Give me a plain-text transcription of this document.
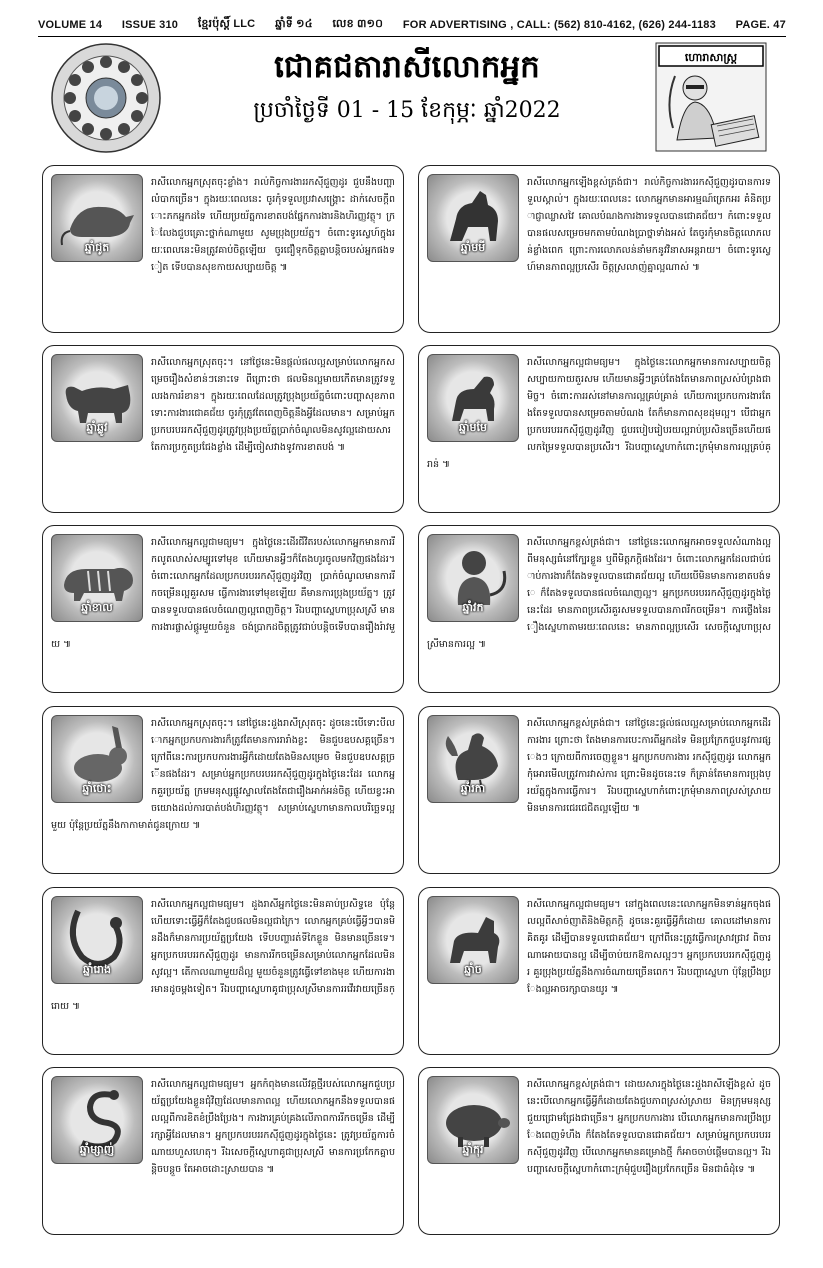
VOLUME 14 ISSUE 310 ខ្មែរប៉ុស្ដិ៍ LLC ឆ្នាំទី ១៤ លេខ ៣១០ FOR ADVERTISING , CALL: (562) 810-4162, (626) 244-1183 PAGE. 47
ជោគជតារាសីលោកអ្នក
ប្រចាំថ្ងៃទី 01 - 15 ខែកុម្ភៈ ឆ្នាំ2022
ហោរាសាស្ត្រ
រាសីលោកអ្នកស្រុតចុះខ្លាំង។ រាល់កិច្ចការងាររកស៊ីជួញដូរ ជួបនឹងបញ្ហាលំបាកច្រើន។ ក្នុងរយៈពេលនេះ ចូរកុំទទួលប្រវាសង្គ្រោះ ដាក់សេចក្ដីពោះភកអ្នកដទៃ ហើយប្រយ័ត្នការខាតបង់ផ្នែកការងារនិងហិរញ្ញវត្ថុ។ ក្រៃលែងជួបគ្រោះថ្នាក់ណាមួយ សូមប្រុងប្រយ័ត្ន។ ចំពោះទូរស្វេហ៍ក្នុងរយៈពេលនេះមិនត្រូវគាប់ចិត្តឡើយ ចូរជឿទុកចិត្តគ្នាបន្តិចរបស់អ្នកផងទៀត ទើបបានសុខកាយសប្បាយចិត្ត ៕
ឆ្នាំជូត
រាសីលោកអ្នកឡើងខ្ពស់ត្រង់ជា។ រាល់កិច្ចការងាររកស៊ីជួញដូរបានការទទួលស្គាល់។ ក្នុងរយៈពេលនេះ លោកអ្នកមានអារម្មណ៍ត្រេកអរ គំនិតប្រាជ្ញាឈ្លាសវៃ គោលបំណងការងារទទួលបានជោគជ័យ។ កំពោះទទួលបានផលសម្រេចមកតាមបំណងប្រាថ្នាទាំងអស់ តែចូរកុំមានចិត្តលោភលន់ខ្លាំងពេក ព្រោះការលោភលន់នាំមកនូវវិនាសអន្តរាយ។ ចំពោះទូរស្វេហ៍មានភាពល្អប្រសើរ ចិត្តស្រលាញ់គ្នាល្អណាស់ ៕
ឆ្នាំមមី
រាសីលោកអ្នកស្រុតចុះ។ នៅថ្ងៃនេះមិនផ្ដល់ផលល្អសម្រាប់លោកអ្នកសម្រេចរឿងសំខាន់ៗនោះទេ ពីព្រោះថា ផលមិនល្អមាយកើតមានត្រូវទទួលរងការរំខាន។ ក្នុងរយៈពេលដែលត្រូវប្រុងប្រយ័ត្នចំពោះបញ្ហាសុខភាព ទោះការងារជោគជ័យ ចូរកុំត្រូវតែពេញចិត្តនឹងអ្វីដែលមាន។ សម្រាប់អ្នកប្រកបរបររកស៊ីជួញដូរត្រូវប្រុងប្រយ័ត្នប្រាក់ចំណូលមិនសូវល្អដោយសារតែការប្រកួតប្រជែងខ្លាំង ដើម្បីចៀសវាងទូវការខាតបង់ ៕
ឆ្នាំឆ្លូវ
រាសីលោកអ្នកល្អជាមធ្យម។ ក្នុងថ្ងៃនេះលោកអ្នកមានការសប្បាយចិត្ត សប្បាយកាយតួរសម ហើយមានអ្វីៗគ្រប់តែងតែមានភាពស្រស់បំព្រងជាមិច្ច។ ចំពោះការរស់នៅមានការល្អគ្រប់គ្រាន់ ហើយការប្រកបការងារតែងតែទទួលបានសម្រេចតាមបំណង តែក៏មានភាពសុខដុមល្អ។ បើជាអ្នកប្រកបរបររកស៊ីជួញដូរវិញ ជួបរបៀបរៀបរយល្អរាប់ប្រសិនច្រើនហើយផលកម្រៃទទួលបានប្រសើរ។ រីឯបញ្ហាស្នេហាកំពោះក្រមុំមានការល្អគ្រប់គ្រាន់ ៕
ឆ្នាំមមែ
រាសីលោកអ្នកល្អជាមធ្យម។ ក្នុងថ្ងៃនេះដើរជីវិតរបស់លោកអ្នកមានការរីកលូតលាស់សម្បូរទៅមុខ ហើយមានអ្វីៗក៏តែងហូរចូលមកវិញផងដែរ។ ចំពោះលោកអ្នកដែលប្រកបរបររកស៊ីជួញដូរវិញ ប្រាក់ចំណូលមានការរីកចម្រើនល្អគួរសម ធ្វើការងារទៅមុខឡើយ គឺមានការប្រុងប្រយ័ត្ន។ ត្រូវបានទទួលបានផលចំណេញល្អពេញចិត្ត។ រីឯបញ្ហាស្នេហាប្រុសស្រី មានការងារផ្លាស់ផ្ដូរមួយចំនួន ចង់ប្រាកដចិត្តត្រូវជាប់បន្តិចទើបបានរឿងរ៉ាវមួយ ៕
ឆ្នាំខាល
រាសីលោកអ្នកខ្ពស់ត្រង់ជា។ នៅថ្ងៃនេះលោកអ្នកអាចទទួលសំណាងល្អពីមនុស្សធំនៅក្បែរខ្លួន ឬពីមិត្តភក្តិផងដែរ។ ចំពោះលោកអ្នកដែលជាប់ជាប់ការងារក៏តែងទទួលបានជោគជ័យល្អ ហើយបើមិនមានការខាតបង់ទេ ក៏តែងទទួលបានផលចំណេញល្អ។ អ្នកប្រកបរបររកស៊ីជួញដូរក្នុងថ្ងៃនេះដែរ មានភាពប្រសើរគួរសមទទួលបានភាពរីកចម្រើន។ ការថ្លើងនៃរឿងស្នេហាតាមរយៈពេលនេះ មានភាពល្អប្រសើរ សេចក្ដីស្នេហាប្រុសស្រីមានការល្អ ៕
ឆ្នាំវក
រាសីលោកអ្នកស្រុតចុះ។ នៅថ្ងៃនេះដួងរាសីស្រុតចុះ ដូចនេះបើទោះបីលោកអ្នកប្រកបការងារក៏ត្រូវតែមានការរារាំងខ្លះ មិនជួបឧបសគ្គច្រើន។ ក្រៅពីនេះការប្រកបការងារអ្វីក៏ដោយតែងមិនសម្រេច មិនជួបឧបសគ្គច្រើនផងដែរ។ សម្រាប់អ្នកប្រកបរបររកស៊ីជួញដូរក្នុងថ្ងៃនេះដែរ លោកអ្នកគួរប្រយ័ត្ន ក្រមមនុស្សផ្លូវស្ទាលតែងតែជារឿងអាក់អន់ចិត្ត ហើយខ្វះអាចយោងដល់ការបាត់បង់ហិរញ្ញវត្ថុ។ សម្រាប់ស្នេហាមានកាលបរិច្ឆេទល្អមួយ ប៉ុន្តែប្រយ័ត្ននឹងកាកាមាត់ជូនក្រោយ ៕
ឆ្នាំថោះ
រាសីលោកអ្នកខ្ពស់ត្រង់ជា។ នៅថ្ងៃនេះផ្ដល់ផលល្អសម្រាប់លោកអ្នកដើរការងារ ព្រោះថា តែងមានការបេះការពីអ្នកដទៃ មិនប្រក្រែកជួបនូវការផ្សេងៗ ក្រោយពីការចេញខ្លួន។ អ្នកប្រកបការងារ រកស៊ីជួញដូរ លោកអ្នកកុំអោរមើលត្រូវការវាស់ការ ព្រោះមិនដូចនេះទេ ក៏គ្រាន់តែមានការប្រុងប្រយ័ត្នក្នុងការធ្វើការ។ រីឯបញ្ហាស្នេហាកំពោះក្រមុំមានភាពស្រស់ស្រាយ មិនមានការជេរជេជិតល្អឡើយ ៕
ឆ្នាំរកា
រាសីលោកអ្នកល្អជាមធ្យម។ ដួងរាសីអ្នកថ្ងៃនេះមិនគាប់ប្រសិទ្ធខេ ប៉ុន្តែហើយទោះធ្វើអ្វីក៏តែងជួបផលមិនល្អជាក្រៃ។ លោកអ្នកគ្រប់ធ្វើអ្វីៗបានមិនដឹងក៏មានការប្រយ័ត្នប្រយែង ទើបបញ្ហារត់ទីកៃខ្លួន មិនមានច្រើនទេ។ អ្នកប្រកបរបររកស៊ីជួញដូរ មានការរីកចម្រើនសម្រាប់លោកអ្នកដែលមិនសូវល្អ។ តើកាលណាមួយដ៏ល្អ មួយចំនួនត្រូវធ្វើទៅខាងមុខ ហើយការងារមានដូចម្ដងទៀត។ រីឯបញ្ហាស្នេហាគូជាប្រុសស្រីមានការរវើរវាយច្រើនក្រោយ ៕
ឆ្នាំរោង
រាសីលោកអ្នកល្អជាមធ្យម។ នៅក្នុងពេលនេះលោកអ្នកមិនទាន់អ្នកចុងផលល្អពីសាច់ញាតិនិងមិត្តភក្តិ ដូចនេះគួរធ្វើអ្វីក៏ដោយ គោលដៅមានការគិតគូរ ដើម្បីបានទទួលជោគជ័យ។ ក្រៅពីនេះត្រូវធ្វើការស្រាវជ្រាវ ពិចារណាអោយបានល្អ ដើម្បីចាប់យកឱកាសល្អៗ។ អ្នកប្រកបរបររកស៊ីជួញដូរ គួរប្រុងប្រយ័ត្ននឹងការចំណាយច្រើនពេក។ រីឯបញ្ហាស្នេហា ប៉ុន្តែប្រឹងប្រែងល្អអាចរក្សាបានយូរ ៕
ឆ្នាំច
រាសីលោកអ្នកល្អជាមធ្យម។ អ្នកកំពុងមានលើវគ្គថ្មីរបស់លោកអ្នកជួបប្រយ័ត្នប្រយែងខ្លួនជុំវិញដែលមានភាពល្អ ហើយលោកអ្នកនឹងទទួលបានផលល្អពីការខិតខំប្រឹងប្រែង។ ការងារគ្រប់គ្រងលើភាពការរីកចម្រើន ដើម្បីរក្សាអ្វីដែលមាន។ អ្នកប្រកបរបររកស៊ីជួញដូរក្នុងថ្ងៃនេះ ត្រូវប្រយ័ត្នការចំណាយហួសហេតុ។ រីឯសេចក្ដីស្នេហាគូជាប្រុសស្រី មានការប្រកែកគ្នាបន្តិចបន្តួច តែអាចដោះស្រាយបាន ៕
ឆ្នាំម្សាញ់
រាសីលោកអ្នកខ្ពស់ត្រង់ជា។ ដោយសារក្នុងថ្ងៃនេះដួងរាសីឡើងខ្ពស់ ដូចនេះបើលោកអ្នកធ្វើអ្វីក៏ដោយតែងជួបភាពស្រស់ស្រាយ មិនក្រុមមនុស្សជួយជ្រោមជ្រែងជាច្រើន។ អ្នកប្រកបការងារ បើលោកអ្នកមានការប្រឹងប្រែងពេញទំហឹង ក៏តែងតែទទួលបានជោគជ័យ។ សម្រាប់អ្នកប្រកបរបររកស៊ីជួញដូរវិញ បើលោកអ្នកមានគម្រោងថ្មី ក៏អាចចាប់ផ្ដើមបានល្អ។ រីឯបញ្ហាសេចក្ដីស្នេហាកំពោះក្រមុំជួបរឿងប្រកែកច្រើន មិនជាធំដុំទេ ៕
ឆ្នាំកុរ
